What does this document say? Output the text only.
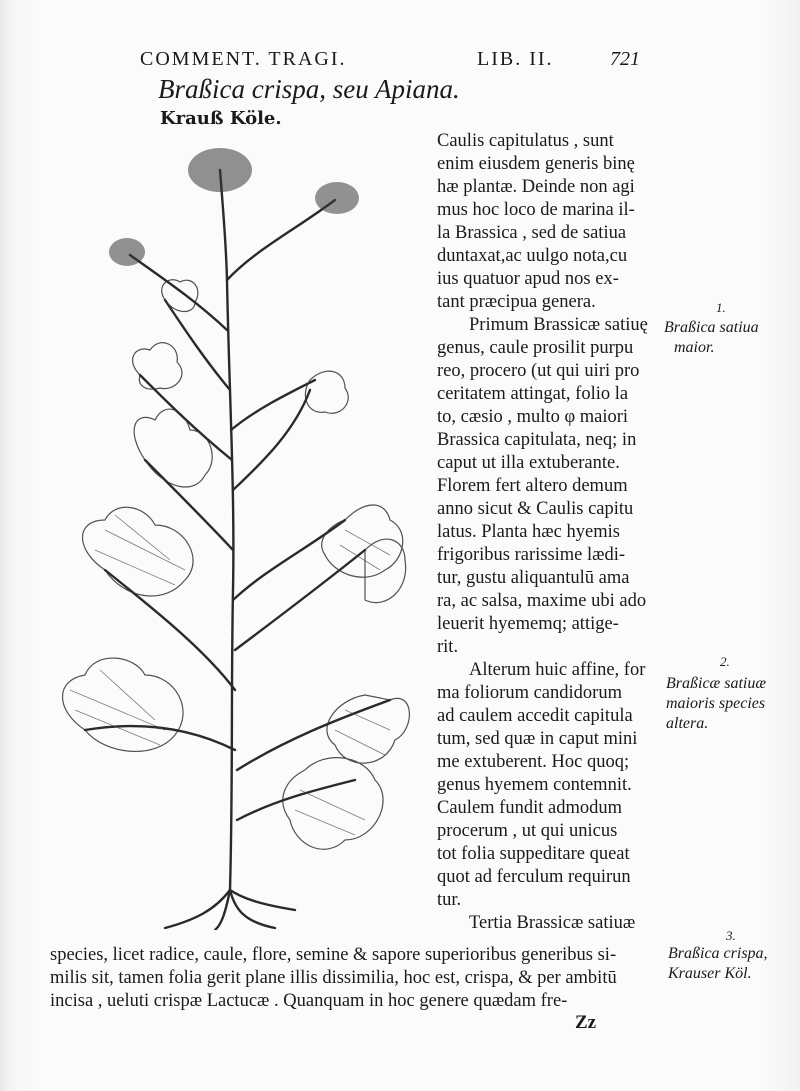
COMMENT. TRAGI.	LIB. II.	721
Braßica crispa, seu Apiana.
Krauß Köle.
Caulis capitulatus , sunt
enim eiusdem generis binę
hæ plantæ. Deinde non agi
mus hoc loco de marina il-
la Brassica , sed de satiua
duntaxat,ac uulgo nota,cu
ius quatuor apud nos ex-
tant præcipua genera.
Primum Brassicæ satiuę
genus, caule prosilit purpu
reo, procero (ut qui uiri pro
ceritatem attingat, folio la
to, cæsio , multo φ maiori
Brassica capitulata, neq; in
caput ut illa extuberante.
Florem fert altero demum
anno sicut & Caulis capitu
latus. Planta hæc hyemis
frigoribus rarissime lædi-
tur, gustu aliquantulū ama
ra, ac salsa, maxime ubi ado
leuerit hyememq; attige-
rit.
Alterum huic affine, for
ma foliorum candidorum
ad caulem accedit capitula
tum, sed quæ in caput mini
me extuberent. Hoc quoq;
genus hyemem contemnit.
Caulem fundit admodum
procerum , ut qui unicus
tot folia suppeditare queat
quot ad ferculum requirun
tur.
Tertia Brassicæ satiuæ
1.
Braßica satiua
maior.
2.
Braßicæ satiuæ
maioris species
altera.
3.
Braßica crispa,
Krauser Köl.
species, licet radice, caule, flore, semine & sapore superioribus generibus si-
milis sit, tamen folia gerit plane illis dissimilia, hoc est, crispa, & per ambitū
incisa , ueluti crispæ Lactucæ . Quanquam in hoc genere quædam fre-
Zz
